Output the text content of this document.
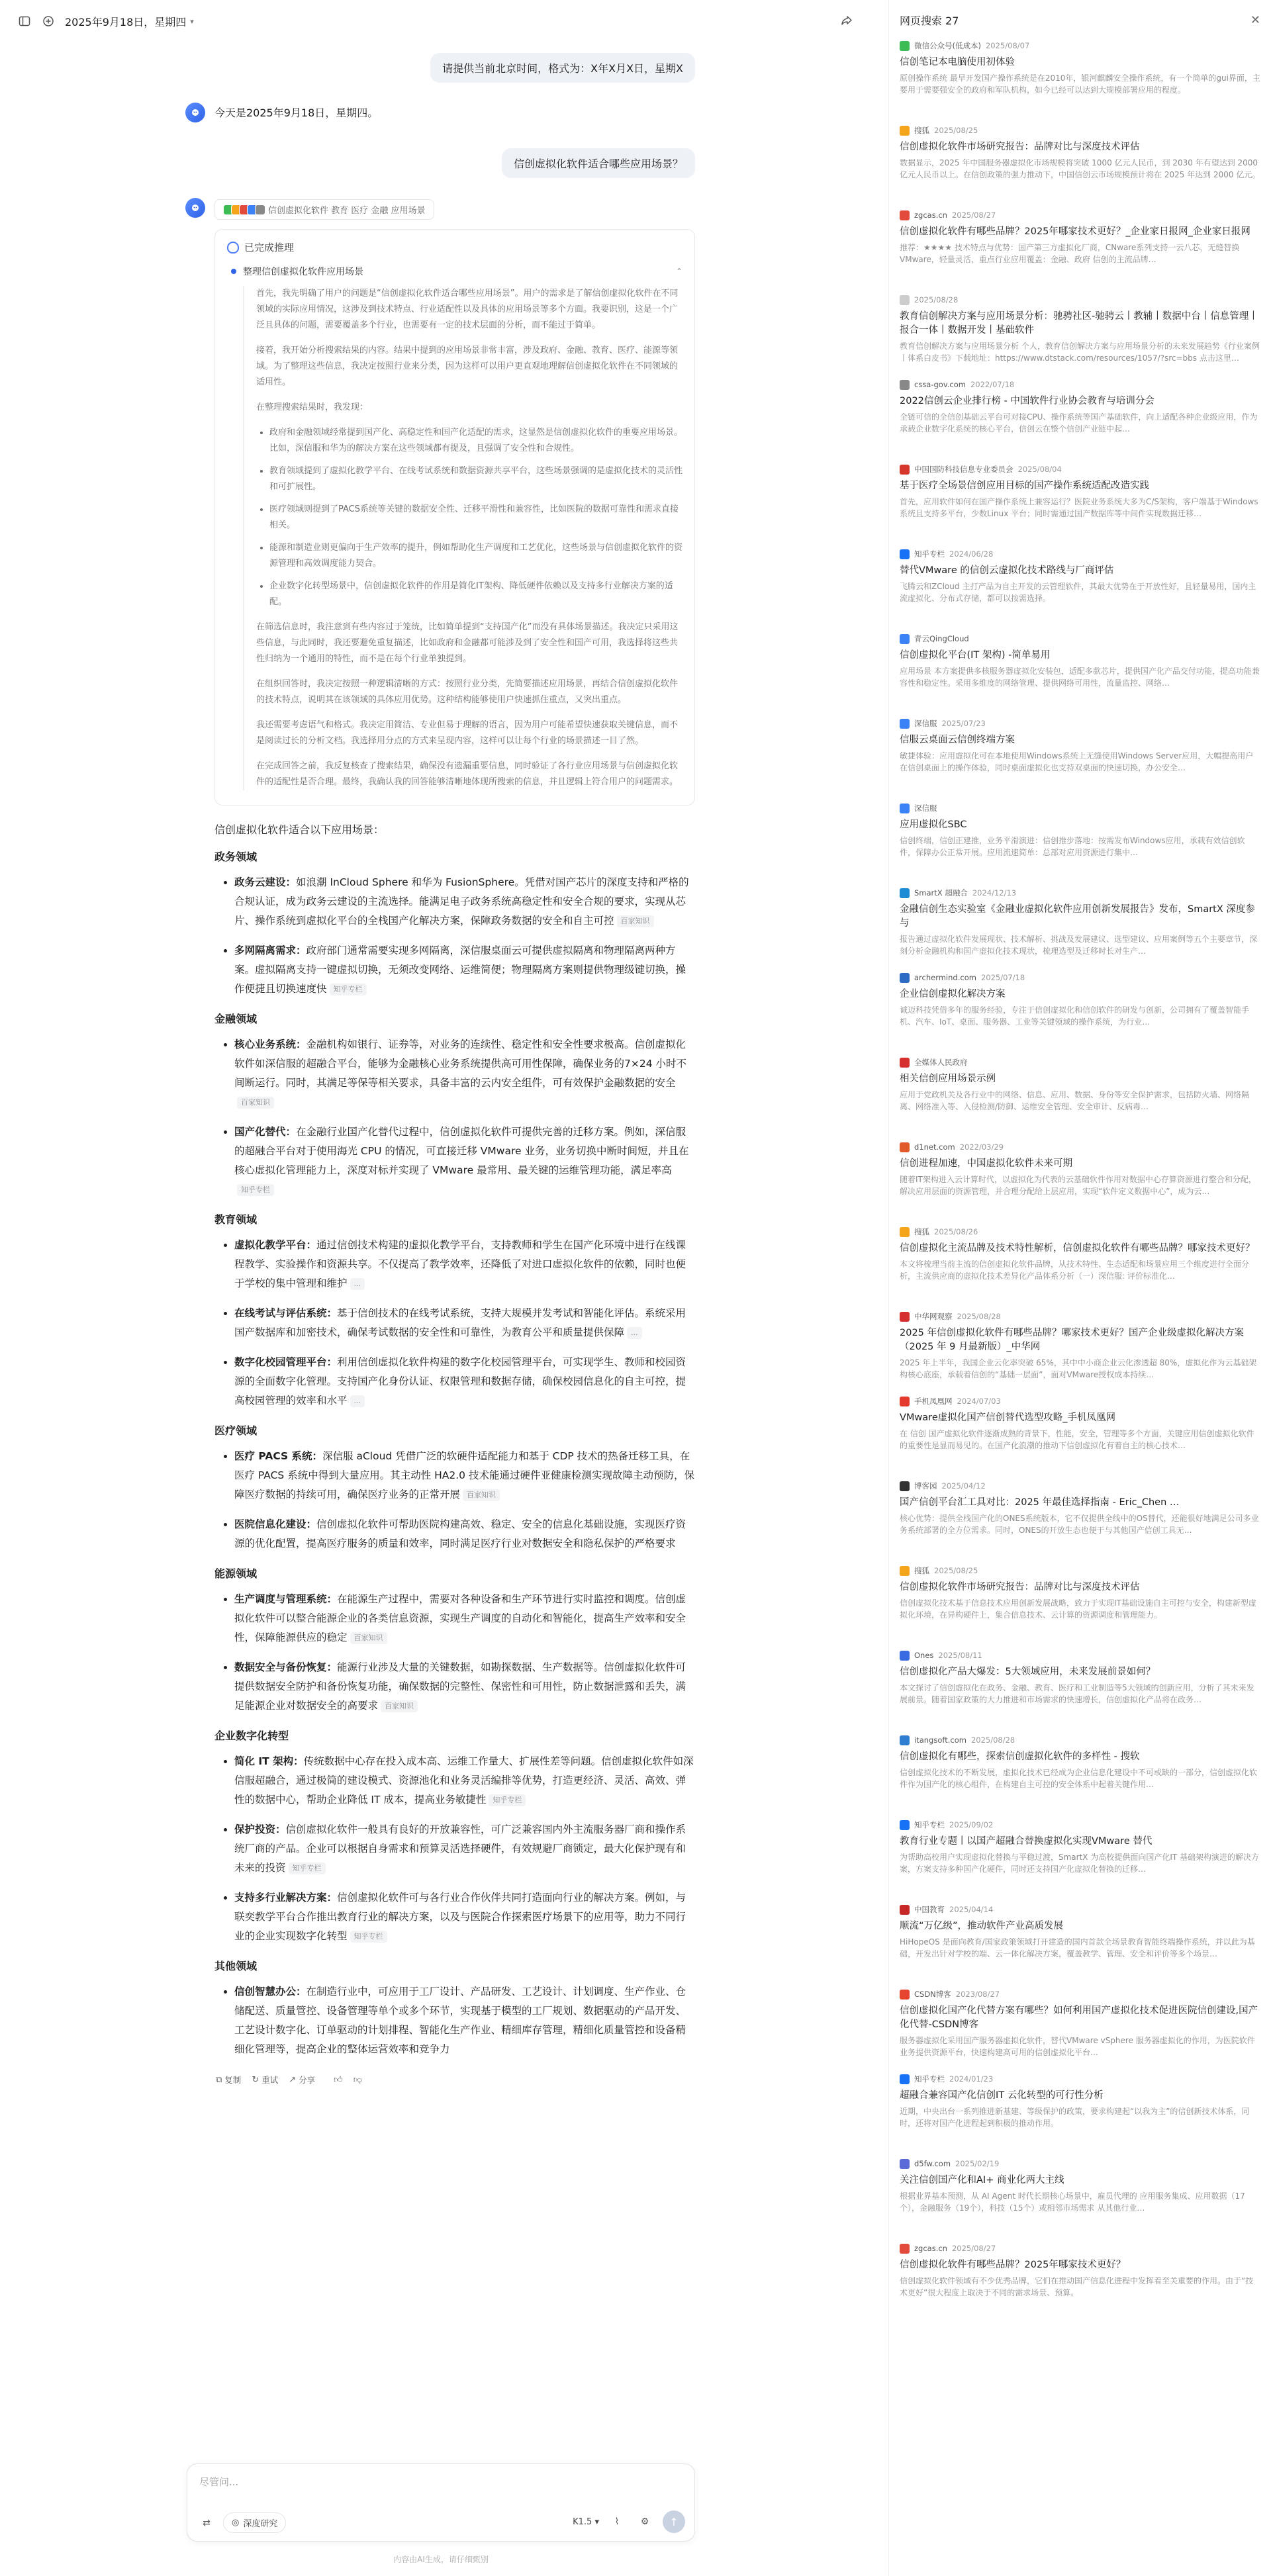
2025年9月18日，星期四 ▾
请提供当前北京时间，格式为：X年X月X日，星期X
今天是2025年9月18日，星期四。
信创虚拟化软件适合哪些应用场景？
信创虚拟化软件 教育 医疗 金融 应用场景
已完成推理
整理信创虚拟化软件应用场景	⌃

首先，我先明确了用户的问题是“信创虚拟化软件适合哪些应用场景”。用户的需求是了解信创虚拟化软件在不同领域的实际应用情况，这涉及到技术特点、行业适配性以及具体的应用场景等多个方面。我要识别，这是一个广泛且具体的问题，需要覆盖多个行业，也需要有一定的技术层面的分析，而不能过于简单。

接着，我开始分析搜索结果的内容。结果中提到的应用场景非常丰富，涉及政府、金融、教育、医疗、能源等领域。为了整理这些信息，我决定按照行业来分类，因为这样可以用户更直观地理解信创虚拟化软件在不同领域的适用性。

在整理搜索结果时，我发现：

• 政府和金融领域经常提到国产化、高稳定性和国产化适配的需求，这显然是信创虚拟化软件的重要应用场景。比如，深信服和华为的解决方案在这些领域都有提及，且强调了安全性和合规性。
• 教育领域提到了虚拟化教学平台、在线考试系统和数据资源共享平台，这些场景强调的是虚拟化技术的灵活性和可扩展性。
• 医疗领域则提到了PACS系统等关键的数据安全性、迁移平滑性和兼容性，比如医院的数据可靠性和需求直接相关。
• 能源和制造业则更偏向于生产效率的提升，例如帮助化生产调度和工艺优化，这些场景与信创虚拟化软件的资源管理和高效调度能力契合。
• 企业数字化转型场景中，信创虚拟化软件的作用是简化IT架构、降低硬件依赖以及支持多行业解决方案的适配。

在筛选信息时，我注意到有些内容过于笼统，比如简单提到“支持国产化”而没有具体场景描述。我决定只采用这些信息，与此同时，我还要避免重复描述，比如政府和金融都可能涉及到了安全性和国产可用，我选择将这些共性归纳为一个通用的特性，而不是在每个行业单独提到。

在组织回答时，我决定按照一种逻辑清晰的方式：按照行业分类，先简要描述应用场景，再结合信创虚拟化软件的技术特点，说明其在该领域的具体应用优势。这种结构能够使用户快速抓住重点，又突出重点。

我还需要考虑语气和格式。我决定用简洁、专业但易于理解的语言，因为用户可能希望快速获取关键信息，而不是阅读过长的分析文档。我选择用分点的方式来呈现内容，这样可以让每个行业的场景描述一目了然。

在完成回答之前，我反复核查了搜索结果，确保没有遗漏重要信息，同时验证了各行业应用场景与信创虚拟化软件的适配性是否合理。最终，我确认我的回答能够清晰地体现所搜索的信息，并且逻辑上符合用户的问题需求。

信创虚拟化软件适合以下应用场景：
政务领域
• 政务云建设：如浪潮 InCloud Sphere 和华为 FusionSphere。凭借对国产芯片的深度支持和严格的合规认证，成为政务云建设的主流选择。能满足电子政务系统高稳定性和安全合规的要求，实现从芯片、操作系统到虚拟化平台的全栈国产化解决方案，保障政务数据的安全和自主可控 百家知识
• 多网隔离需求：政府部门通常需要实现多网隔离，深信服桌面云可提供虚拟隔离和物理隔离两种方案。虚拟隔离支持一键虚拟切换，无须改变网络、运维简便；物理隔离方案则提供物理级键切换，操作便捷且切换速度快 知乎专栏
金融领域
• 核心业务系统：金融机构如银行、证券等，对业务的连续性、稳定性和安全性要求极高。信创虚拟化软件如深信服的超融合平台，能够为金融核心业务系统提供高可用性保障，确保业务的7×24 小时不间断运行。同时，其满足等保等相关要求，具备丰富的云内安全组件，可有效保护金融数据的安全百家知识
• 国产化替代：在金融行业国产化替代过程中，信创虚拟化软件可提供完善的迁移方案。例如，深信服的超融合平台对于使用海光 CPU 的情况，可直接迁移 VMware 业务，业务切换中断时间短，并且在核心虚拟化管理能力上，深度对标并实现了 VMware 最常用、最关键的运维管理功能，满足率高知乎专栏
教育领域
• 虚拟化教学平台：通过信创技术构建的虚拟化教学平台，支持教师和学生在国产化环境中进行在线课程教学、实验操作和资源共享。不仅提高了教学效率，还降低了对进口虚拟化软件的依赖，同时也便于学校的集中管理和维护 ...
• 在线考试与评估系统：基于信创技术的在线考试系统，支持大规模并发考试和智能化评估。系统采用国产数据库和加密技术，确保考试数据的安全性和可靠性，为教育公平和质量提供保障 ...
• 数字化校园管理平台：利用信创虚拟化软件构建的数字化校园管理平台，可实现学生、教师和校园资源的全面数字化管理。支持国产化身份认证、权限管理和数据存储，确保校园信息化的自主可控，提高校园管理的效率和水平 ...
医疗领域
• 医疗 PACS 系统：深信服 aCloud 凭借广泛的软硬件适配能力和基于 CDP 技术的热备迁移工具，在医疗 PACS 系统中得到大量应用。其主动性 HA2.0 技术能通过硬件亚健康检测实现故障主动预防，保障医疗数据的持续可用，确保医疗业务的正常开展 百家知识
• 医院信息化建设：信创虚拟化软件可帮助医院构建高效、稳定、安全的信息化基础设施，实现医疗资源的优化配置，提高医疗服务的质量和效率，同时满足医疗行业对数据安全和隐私保护的严格要求
能源领域
• 生产调度与管理系统：在能源生产过程中，需要对各种设备和生产环节进行实时监控和调度。信创虚拟化软件可以整合能源企业的各类信息资源，实现生产调度的自动化和智能化，提高生产效率和安全性，保障能源供应的稳定 百家知识
• 数据安全与备份恢复：能源行业涉及大量的关键数据，如勘探数据、生产数据等。信创虚拟化软件可提供数据安全防护和备份恢复功能，确保数据的完整性、保密性和可用性，防止数据泄露和丢失，满足能源企业对数据安全的高要求 百家知识
企业数字化转型
• 简化 IT 架构：传统数据中心存在投入成本高、运维工作量大、扩展性差等问题。信创虚拟化软件如深信服超融合，通过极简的建设模式、资源池化和业务灵活编排等优势，打造更经济、灵活、高效、弹性的数据中心，帮助企业降低 IT 成本，提高业务敏捷性 知乎专栏
• 保护投资：信创虚拟化软件一般具有良好的开放兼容性，可广泛兼容国内外主流服务器厂商和操作系统厂商的产品。企业可以根据自身需求和预算灵活选择硬件，有效规避厂商锁定，最大化保护现有和未来的投资 知乎专栏
• 支持多行业解决方案：信创虚拟化软件可与各行业合作伙伴共同打造面向行业的解决方案。例如，与联奕教学平台合作推出教育行业的解决方案，以及与医院合作探索医疗场景下的应用等，助力不同行业的企业实现数字化转型 知乎专栏
其他领域
• 信创智慧办公：在制造行业中，可应用于工厂设计、产品研发、工艺设计、计划调度、生产作业、仓储配送、质量管控、设备管理等单个或多个环节，实现基于模型的工厂规划、数据驱动的产品开发、工艺设计数字化、订单驱动的计划排程、智能化生产作业、精细库存管理，精细化质量管控和设备精细化管理等，提高企业的整体运营效率和竞争力
⧉ 复制 ↻ 重试 ↗ 分享 👍︎ 👎︎
尽管问...
⇄	◎ 深度研究	K1.5 ▾	⌇	⚙	↑
内容由AI生成，请仔细甄别
网页搜索 27	✕
微信公众号(低成本) 2025/08/07
信创笔记本电脑使用初体验
原创操作系统 最早开发国产操作系统是在2010年，银河麒麟安全操作系统，有一个简单的gui界面，主要用于需要强安全的政府和军队机构，如今已经可以达到大规模部署应用的程度。
搜狐 2025/08/25
信创虚拟化软件市场研究报告：品牌对比与深度技术评估
数据显示，2025 年中国服务器虚拟化市场规模将突破 1000 亿元人民币，到 2030 年有望达到 2000 亿元人民币以上。在信创政策的强力推动下，中国信创云市场规模预计将在 2025 年达到 2000 亿元。
zgcas.cn 2025/08/27
信创虚拟化软件有哪些品牌？2025年哪家技术更好？_企业家日报网_企业家日报网
推荐：★★★★ 技术特点与优势：国产第三方虚拟化厂商，CNware系列支持一云八芯，无缝替换VMware，轻量灵活，重点行业应用覆盖：金融、政府 信创的主流品牌…
2025/08/28
教育信创解决方案与应用场景分析：驰骋社区-驰骋云丨教辅丨数据中台丨信息管理丨报合一体丨数据开发丨基础软件
教育信创解决方案与应用场景分析 个人，教育信创解决方案与应用场景分析的未来发展趋势《行业案例丨体系白皮书》下载地址：https://www.dtstack.com/resources/1057/?src=bbs 点击这里…
cssa-gov.com 2022/07/18
2022信创云企业排行榜 - 中国软件行业协会教育与培训分会
全链可信的全信创基础云平台可对接CPU、操作系统等国产基础软件，向上适配各种企业级应用，作为承载企业数字化系统的核心平台，信创云在整个信创产业链中起…
中国国防科技信息专业委员会 2025/08/04
基于医疗全场景信创应用目标的国产操作系统适配改造实践
首先，应用软件如何在国产操作系统上兼容运行？医院业务系统大多为C/S架构，客户端基于Windows系统且支持多平台，少数Linux 平台；同时需通过国产数据库等中间件实现数据迁移…
知乎专栏 2024/06/28
替代VMware 的信创云虚拟化技术路线与厂商评估
飞腾云和ZCloud 主打产品为自主开发的云管理软件，其最大优势在于开放性好，且轻量易用，国内主流虚拟化、分布式存储，都可以按需选择。
青云QingCloud
信创虚拟化平台(IT 架构) -简单易用
应用场景 本方案提供多核服务器虚拟化安装包，适配多款芯片，提供国产化产品交付功能，提高功能兼容性和稳定性。采用多维度的网络管理、提供网络可用性，流量监控、网络…
深信服 2025/07/23
信服云桌面云信创终端方案
敏捷体验：应用虚拟化可在本地使用Windows系统上无缝使用Windows Server应用，大幅提高用户在信创桌面上的操作体验，同时桌面虚拟化也支持双桌面的快速切换，办公安全…
深信服
应用虚拟化SBC
信创终端，信创正建推，业务平滑演进：信创推步落地：按需发布Windows应用，承载有效信创软件，保障办公正常开展。应用流速简单：总部对应用资源进行集中…
SmartX 超融合 2024/12/13
金融信创生态实验室《金融业虚拟化软件应用创新发展报告》发布，SmartX 深度参与
报告通过虚拟化软件发展现状、技术解析、挑战及发展建议、选型建议、应用案例等五个主要章节，深刻分析金融机构和国产虚拟化技术现状，梳理选型及迁移时长对生产…
archermind.com 2025/07/18
企业信创虚拟化解决方案
诚迈科技凭借多年的服务经验，专注于信创虚拟化和信创软件的研发与创新，公司拥有了覆盖智能手机、汽车、IoT、桌面、服务器、工业等关键领域的操作系统，为行业…
全媒体人民政府
相关信创应用场景示例
应用于党政机关及各行业中的网络、信息、应用、数据、身份等安全保护需求，包括防火墙、网络隔离、网络准入等、入侵检测/防御、运维安全管理、安全审计、反病毒…
d1net.com 2022/03/29
信创进程加速，中国虚拟化软件未来可期
随着IT架构进入云计算时代，以虚拟化为代表的云基础软件作用对数据中心存算资源进行整合和分配，解决应用层面的资源管理，并合理分配给上层应用，实现“软件定义数据中心”，成为云…
搜狐 2025/08/26
信创虚拟化主流品牌及技术特性解析，信创虚拟化软件有哪些品牌？哪家技术更好？
本文将梳理当前主流的信创虚拟化软件品牌，从技术特性、生态适配和场景应用三个维度进行全面分析，主流供应商的虚拟化技术差异化产品体系分析（一）深信服: 评价标准化…
中华网观察 2025/08/28
2025 年信创虚拟化软件有哪些品牌？哪家技术更好？国产企业级虚拟化解决方案（2025 年 9 月最新版）_中华网
2025 年上半年，我国企业云化率突破 65%，其中中小商企业云化渗透超 80%，虚拟化作为云基础架构核心底座，承载着信创的“基础一层面”，面对VMware授权成本持续…
手机凤凰网 2024/07/03
VMware虚拟化国产信创替代选型攻略_手机凤凰网
在 信创 国产虚拟化软件逐渐成熟的背景下，性能，安全，管理等多个方面，关键应用信创虚拟化软件的重要性是显而易见的。在国产化浪潮的推动下信创虚拟化有着自主的核心技术…
博客园 2025/04/12
国产信创平台汇工具对比：2025 年最佳选择指南 - Eric_Chen …
核心优势：提供全栈国产化的ONES系统版本，它不仅提供全线中的OS替代，还能很好地满足公司多业务系统部署的全方位需求。同时，ONES的开放生态也便于与其他国产信创工具无…
搜狐 2025/08/25
信创虚拟化软件市场研究报告：品牌对比与深度技术评估
信创虚拟化技术基于信息技术应用创新发展战略，致力于实现IT基础设施自主可控与安全，构建新型虚拟化环境，在异构硬件上，集合信息技术、云计算的资源调度和管理能力。
Ones 2025/08/11
信创虚拟化产品大爆发：5大领域应用，未来发展前景如何？
本文探讨了信创虚拟化在政务、金融、教育、医疗和工业制造等5大领域的创新应用，分析了其未来发展前景。随着国家政策的大力推进和市场需求的快速增长，信创虚拟化产品将在政务…
itangsoft.com 2025/08/28
信创虚拟化有哪些，探索信创虚拟化软件的多样性 - 搜软
信创虚拟化技术的不断发展，虚拟化技术已经成为企业信息化建设中不可或缺的一部分，信创虚拟化软件作为国产化的核心组件，在构建自主可控的安全体系中起着关键作用…
知乎专栏 2025/09/02
教育行业专题丨以国产超融合替换虚拟化实现VMware 替代
为帮助高校用户实现虚拟化替换与平稳过渡，SmartX 为高校提供面向国产化IT 基础架构演进的解决方案，方案支持多种国产化硬件，同时还支持国产化虚拟化替换的迁移…
中国教育 2025/04/14
顺流“万亿级”，推动软件产业高质发展
HiHopeOS 是面向教育/国家政策领域打开建造的国内首款全场景教育智能终端操作系统，并以此为基础，开发出针对学校的端、云一体化解决方案，覆盖教学、管理、安全和评价等多个场景…
CSDN博客 2023/08/27
信创虚拟化国产化代替方案有哪些？如何利用国产虚拟化技术促进医院信创建设,国产化代替-CSDN博客
服务器虚拟化采用国产服务器虚拟化软件，替代VMware vSphere 服务器虚拟化的作用，为医院软件业务提供资源平台，快速构建高可用的信创虚拟化平台…
知乎专栏 2024/01/23
超融合兼容国产化信创IT 云化转型的可行性分析
近期，中央出台一系列推进新基建、等级保护的政策，要求构建起“以我为主”的信创新技术体系，同时，还将对国产化进程起到积极的推动作用。
d5fw.com 2025/02/19
关注信创国产化和AI+ 商业化两大主线
根据业界基本预测，从 AI Agent 时代长期核心场景中，雇员代理的 应用服务集成、应用数据（17个），金融服务（19个），科技（15个）或相邻市场需求 从其他行业…
zgcas.cn 2025/08/27
信创虚拟化软件有哪些品牌？2025年哪家技术更好？
信创虚拟化软件领域有不少优秀品牌，它们在推动国产信息化进程中发挥着至关重要的作用。由于“技术更好”很大程度上取决于不同的需求场景、预算。
